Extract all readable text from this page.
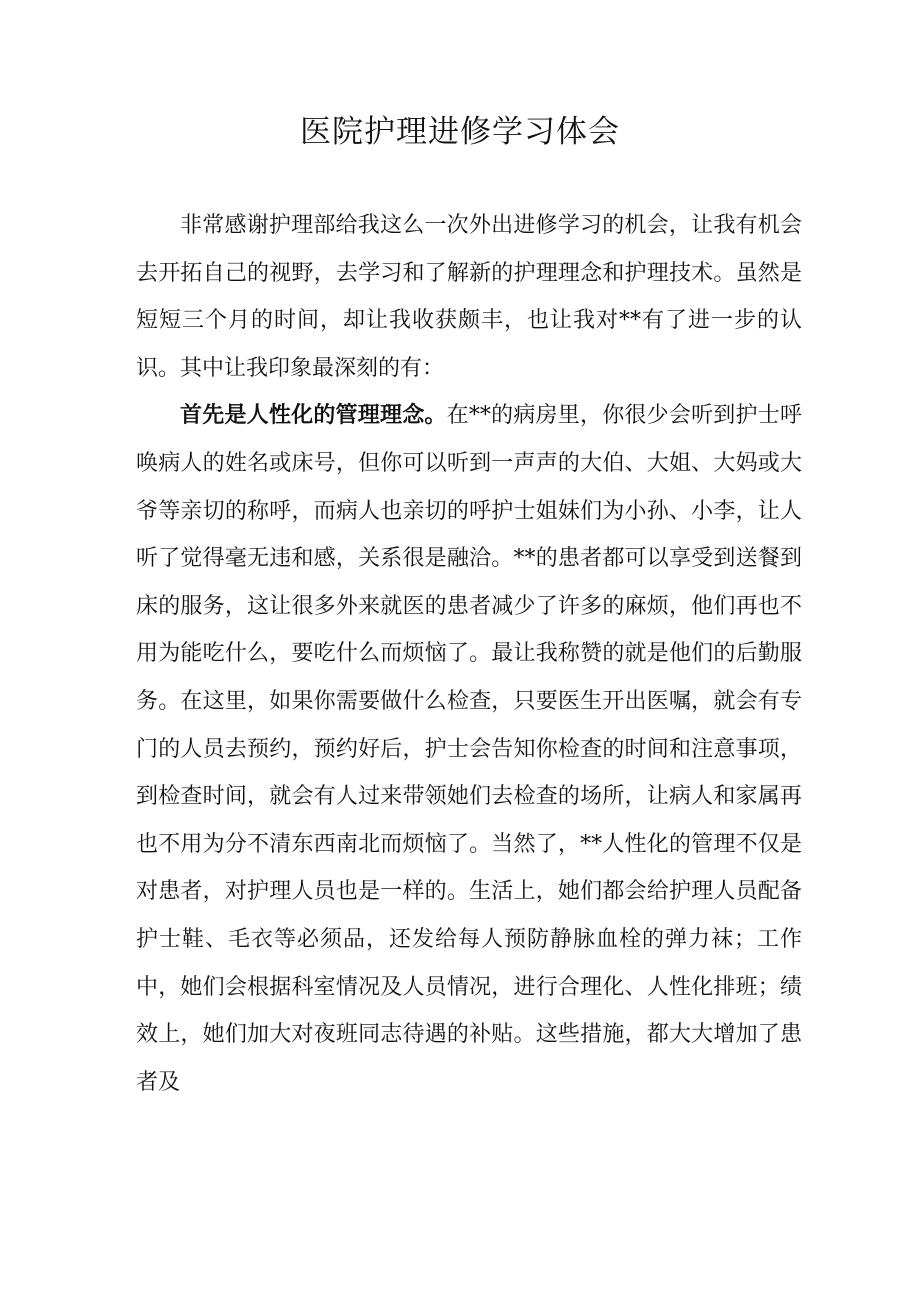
医院护理进修学习体会

非常感谢护理部给我这么一次外出进修学习的机会，让我有机会去开拓自己的视野，去学习和了解新的护理理念和护理技术。虽然是短短三个月的时间，却让我收获颇丰，也让我对**有了进一步的认识。其中让我印象最深刻的有：

首先是人性化的管理理念。在**的病房里，你很少会听到护士呼唤病人的姓名或床号，但你可以听到一声声的大伯、大姐、大妈或大爷等亲切的称呼，而病人也亲切的呼护士姐妹们为小孙、小李，让人听了觉得毫无违和感，关系很是融洽。**的患者都可以享受到送餐到床的服务，这让很多外来就医的患者减少了许多的麻烦，他们再也不用为能吃什么，要吃什么而烦恼了。最让我称赞的就是他们的后勤服务。在这里，如果你需要做什么检查，只要医生开出医嘱，就会有专门的人员去预约，预约好后，护士会告知你检查的时间和注意事项，到检查时间，就会有人过来带领她们去检查的场所，让病人和家属再也不用为分不清东西南北而烦恼了。当然了，**人性化的管理不仅是对患者，对护理人员也是一样的。生活上，她们都会给护理人员配备护士鞋、毛衣等必须品，还发给每人预防静脉血栓的弹力袜；工作中，她们会根据科室情况及人员情况，进行合理化、人性化排班；绩效上，她们加大对夜班同志待遇的补贴。这些措施，都大大增加了患者及
